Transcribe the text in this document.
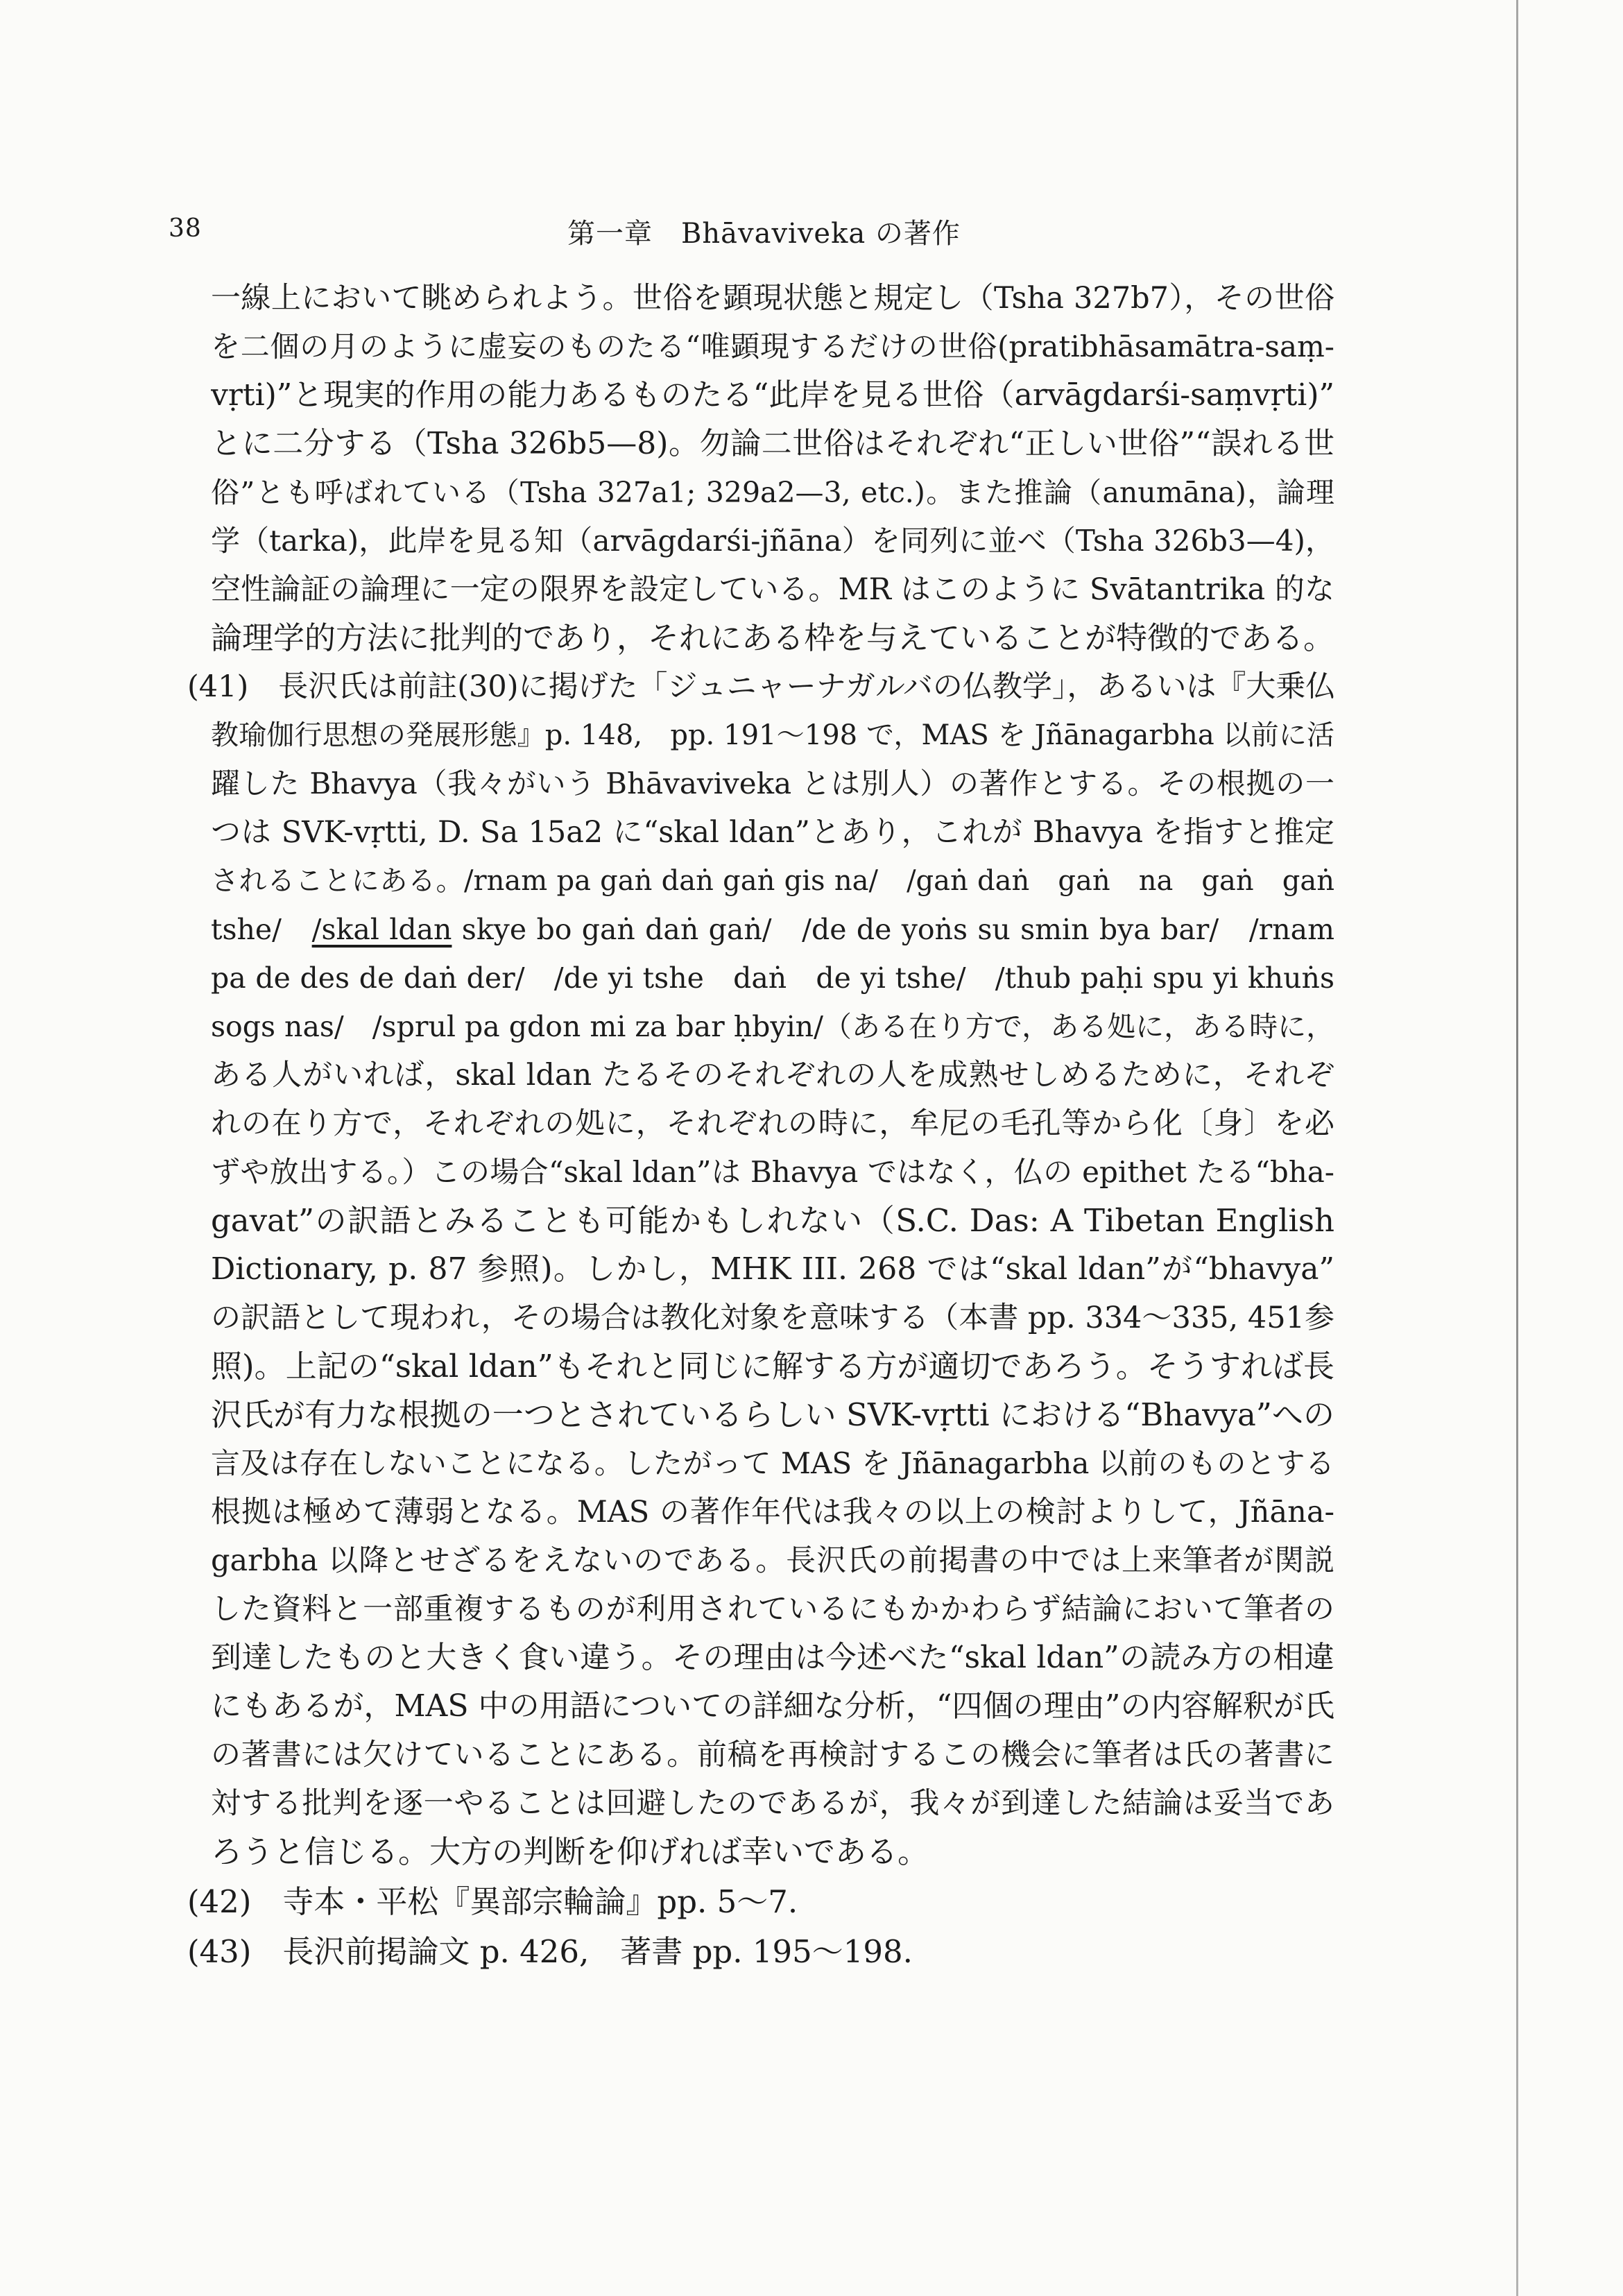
38	第一章　Bhāvaviveka の著作
一線上において眺められよう。世俗を顕現状態と規定し（Tsha 327b7），その世俗
を二個の月のように虚妄のものたる“唯顕現するだけの世俗(pratibhāsamātra-saṃ-
vṛti)”と現実的作用の能力あるものたる“此岸を見る世俗（arvāgdarśi-saṃvṛti)”
とに二分する（Tsha 326b5—8)。勿論二世俗はそれぞれ“正しい世俗”“誤れる世
俗”とも呼ばれている（Tsha 327a1; 329a2—3, etc.)。また推論（anumāna)，論理
学（tarka)，此岸を見る知（arvāgdarśi-jñāna）を同列に並べ（Tsha 326b3—4)，
空性論証の論理に一定の限界を設定している。MR はこのように Svātantrika 的な
論理学的方法に批判的であり，それにある枠を与えていることが特徴的である。
(41)　 長沢氏は前註(30)に掲げた「ジュニャーナガルバの仏教学」，あるいは『大乗仏
教瑜伽行思想の発展形態』p. 148,　pp. 191～198 で，MAS を Jñānagarbha 以前に活
躍した Bhavya（我々がいう Bhāvaviveka とは別人）の著作とする。その根拠の一
つは SVK-vṛtti, D. Sa 15a2 に“skal ldan”とあり，これが Bhavya を指すと推定
されることにある。/rnam pa gaṅ daṅ gaṅ gis na/　/gaṅ daṅ　gaṅ　na　gaṅ　gaṅ
tshe/　/skal ldan skye bo gaṅ daṅ gaṅ/　/de de yoṅs su smin bya bar/　/rnam
pa de des de daṅ der/　/de yi tshe　daṅ　de yi tshe/　/thub paḥi spu yi khuṅs
sogs nas/　/sprul pa gdon mi za bar ḥbyin/（ある在り方で，ある処に，ある時に，
ある人がいれば，skal ldan たるそのそれぞれの人を成熟せしめるために，それぞ
れの在り方で，それぞれの処に，それぞれの時に，牟尼の毛孔等から化〔身〕を必
ずや放出する。）この場合“skal ldan”は Bhavya ではなく，仏の epithet たる“bha-
gavat”の訳語とみることも可能かもしれない（S.C. Das: A Tibetan English
Dictionary, p. 87 参照)。しかし，MHK III. 268 では“skal ldan”が“bhavya”
の訳語として現われ，その場合は教化対象を意味する（本書 pp. 334～335, 451参
照)。上記の“skal ldan”もそれと同じに解する方が適切であろう。そうすれば長
沢氏が有力な根拠の一つとされているらしい SVK-vṛtti における“Bhavya”への
言及は存在しないことになる。したがって MAS を Jñānagarbha 以前のものとする
根拠は極めて薄弱となる。MAS の著作年代は我々の以上の検討よりして，Jñāna-
garbha 以降とせざるをえないのである。長沢氏の前掲書の中では上来筆者が関説
した資料と一部重複するものが利用されているにもかかわらず結論において筆者の
到達したものと大きく食い違う。その理由は今述べた“skal ldan”の読み方の相違
にもあるが，MAS 中の用語についての詳細な分析，“四個の理由”の内容解釈が氏
の著書には欠けていることにある。前稿を再検討するこの機会に筆者は氏の著書に
対する批判を逐一やることは回避したのであるが，我々が到達した結論は妥当であ
ろうと信じる。大方の判断を仰げれば幸いである。
(42)　 寺本・平松『異部宗輪論』pp. 5～7.
(43)　 長沢前掲論文 p. 426,　著書 pp. 195～198.
